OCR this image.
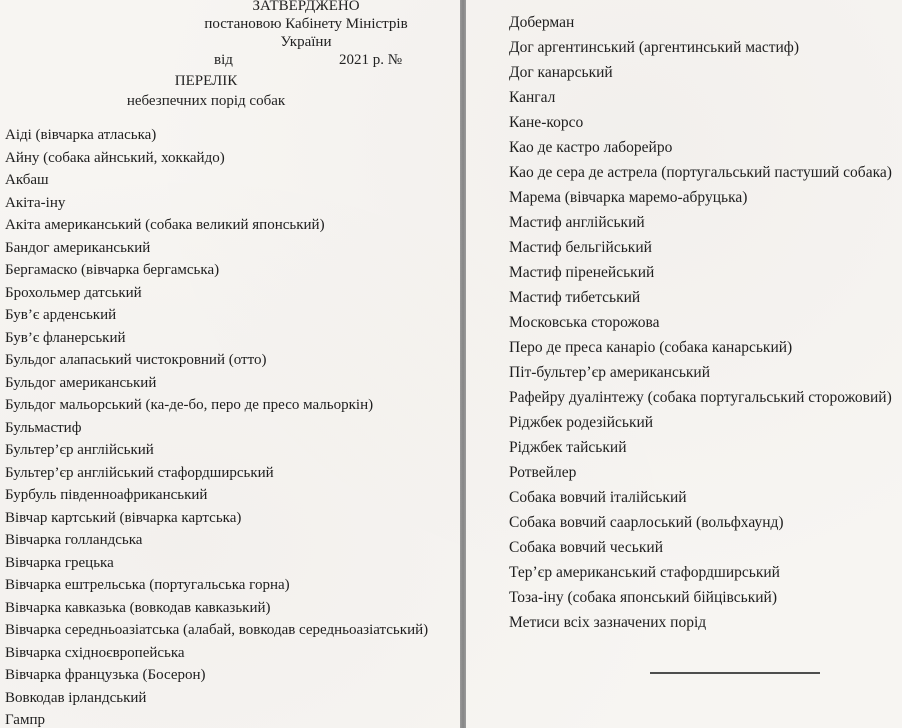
ЗАТВЕРДЖЕНО
постановою Кабінету Міністрів України
від	2021 р. №
ПЕРЕЛІК
небезпечних порід собак
Аіді (вівчарка атласька)
Айну (собака айнський, хоккайдо)
Акбаш
Акіта-іну
Акіта американський (собака великий японський)
Бандог американський
Бергамаско (вівчарка бергамська)
Брохольмер датський
Був’є арденський
Був’є фланерський
Бульдог алапаський чистокровний (отто)
Бульдог американський
Бульдог мальорський (ка-де-бо, перо де пресо мальоркін)
Бульмастиф
Бультер’єр англійський
Бультер’єр англійський стафордширський
Бурбуль південноафриканський
Вівчар картський (вівчарка картська)
Вівчарка голландська
Вівчарка грецька
Вівчарка ештрельська (португальська горна)
Вівчарка кавказька (вовкодав кавказький)
Вівчарка середньоазіатська (алабай, вовкодав середньоазіатський)
Вівчарка східноєвропейська
Вівчарка французька (Босерон)
Вовкодав ірландський
Гампр
Доберман
Дог аргентинський (аргентинський мастиф)
Дог канарський
Кангал
Кане-корсо
Као де кастро лаборейро
Као де сера де астрела (португальський пастуший собака)
Марема (вівчарка маремо-абруцька)
Мастиф англійський
Мастиф бельгійський
Мастиф піренейський
Мастиф тибетський
Московська сторожова
Перо де преса канаріо (собака канарський)
Піт-бультер’єр американський
Рафейру дуалінтежу (собака португальський сторожовий)
Ріджбек родезійський
Ріджбек тайський
Ротвейлер
Собака вовчий італійський
Собака вовчий саарлоський (вольфхаунд)
Собака вовчий чеський
Тер’єр американський стафордширський
Тоза-іну (собака японський бійцівський)
Метиси всіх зазначених порід
